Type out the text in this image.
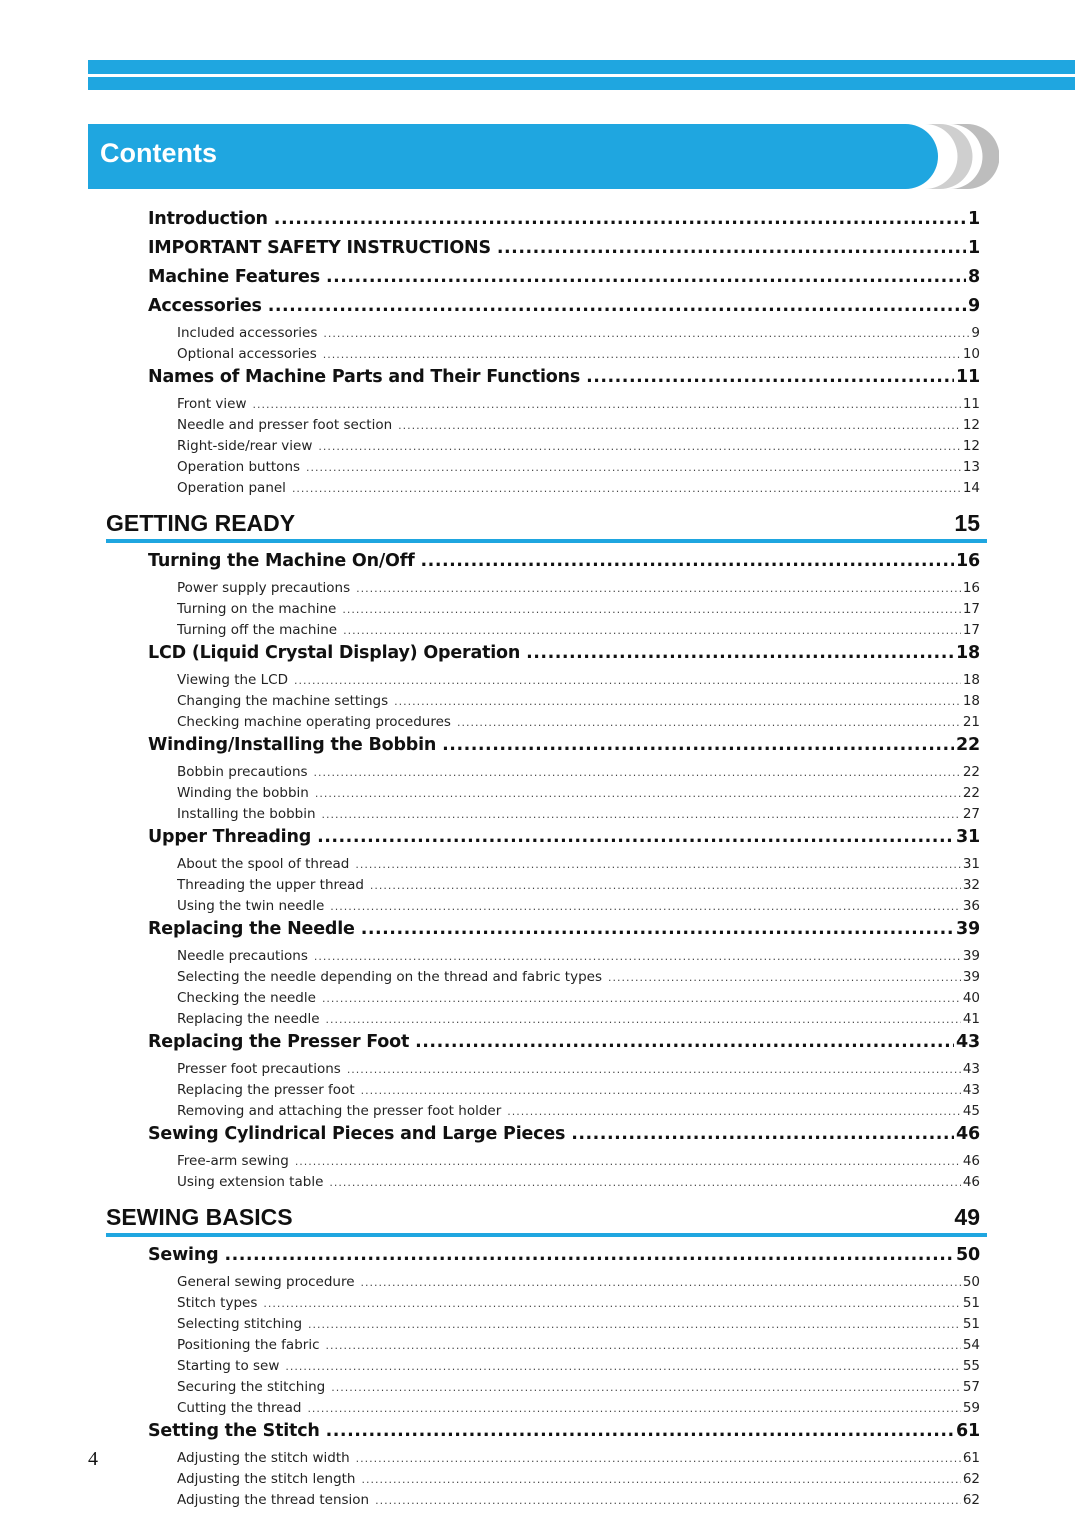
Contents
Introduction .....	1
IMPORTANT SAFETY INSTRUCTIONS .....	1
Machine Features .....	8
Accessories .....	9
Included accessories .....	9
Optional accessories .....	10
Names of Machine Parts and Their Functions .....	11
Front view .....	11
Needle and presser foot section .....	12
Right-side/rear view .....	12
Operation buttons .....	13
Operation panel .....	14
GETTING READY	15
Turning the Machine On/Off .....	16
Power supply precautions .....	16
Turning on the machine .....	17
Turning off the machine .....	17
LCD (Liquid Crystal Display) Operation .....	18
Viewing the LCD .....	18
Changing the machine settings .....	18
Checking machine operating procedures .....	21
Winding/Installing the Bobbin .....	22
Bobbin precautions .....	22
Winding the bobbin .....	22
Installing the bobbin .....	27
Upper Threading .....	31
About the spool of thread .....	31
Threading the upper thread .....	32
Using the twin needle .....	36
Replacing the Needle .....	39
Needle precautions .....	39
Selecting the needle depending on the thread and fabric types .....	39
Checking the needle .....	40
Replacing the needle .....	41
Replacing the Presser Foot .....	43
Presser foot precautions .....	43
Replacing the presser foot .....	43
Removing and attaching the presser foot holder .....	45
Sewing Cylindrical Pieces and Large Pieces .....	46
Free-arm sewing .....	46
Using extension table .....	46
SEWING BASICS	49
Sewing .....	50
General sewing procedure .....	50
Stitch types .....	51
Selecting stitching .....	51
Positioning the fabric .....	54
Starting to sew .....	55
Securing the stitching .....	57
Cutting the thread .....	59
Setting the Stitch .....	61
Adjusting the stitch width .....	61
Adjusting the stitch length .....	62
Adjusting the thread tension .....	62
4
